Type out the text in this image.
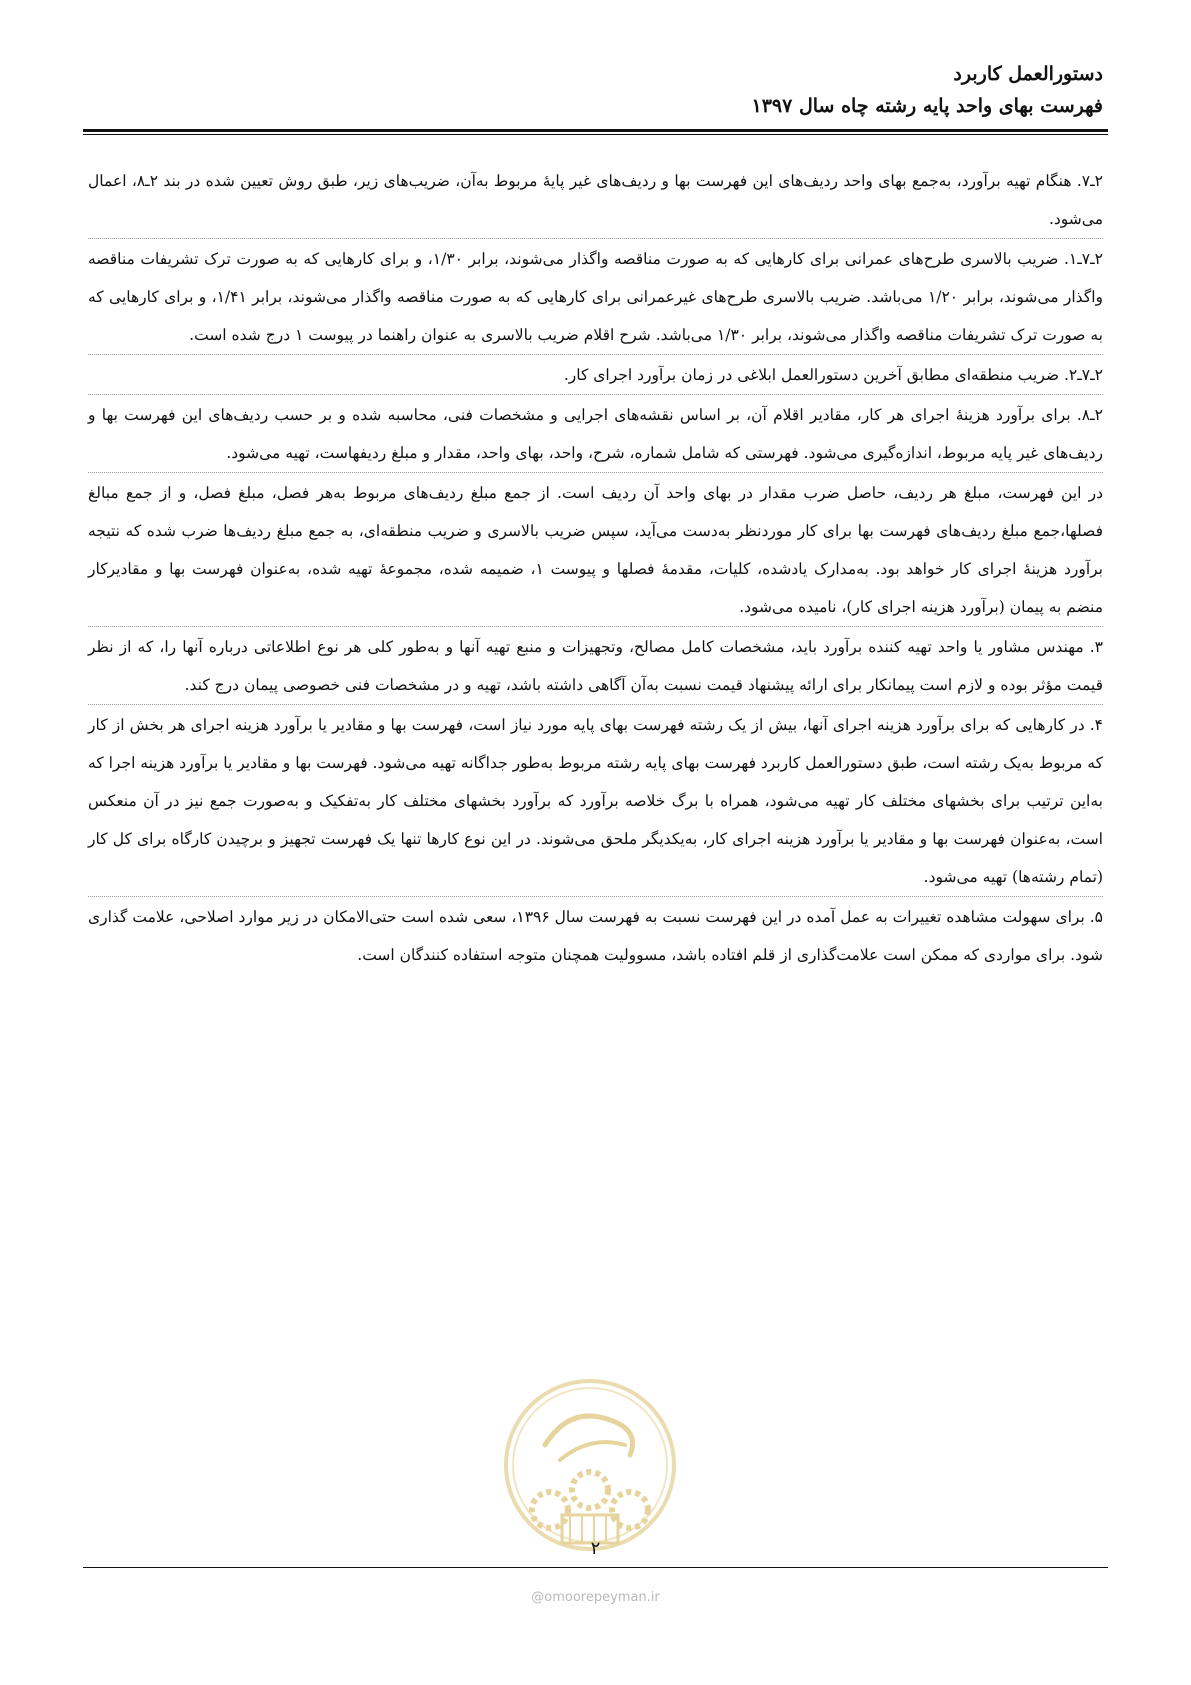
دستورالعمل کاربرد
فهرست بهای واحد پایه رشته چاه سال ۱۳۹۷

۲ـ۷. هنگام تهیه برآورد، به‌جمع بهای واحد ردیف‌های این فهرست بها و ردیف‌های غیر پایهٔ مربوط به‌آن، ضریب‌های زیر، طبق روش تعیین شده در بند ۲ـ۸، اعمال می‌شود.

۲ـ۷ـ۱. ضریب بالاسری طرح‌های عمرانی برای کارهایی که به صورت مناقصه واگذار می‌شوند، برابر ۱/۳۰، و برای کارهایی که به صورت ترک تشریفات مناقصه واگذار می‌شوند، برابر ۱/۲۰ می‌باشد. ضریب بالاسری طرح‌های غیرعمرانی برای کارهایی که به صورت مناقصه واگذار می‌شوند، برابر ۱/۴۱، و برای کارهایی که به صورت ترک تشریفات مناقصه واگذار می‌شوند، برابر ۱/۳۰ می‌باشد. شرح اقلام ضریب بالاسری به عنوان راهنما در پیوست ۱ درج شده است.

۲ـ۷ـ۲. ضریب منطقه‌ای مطابق آخرین دستورالعمل ابلاغی در زمان برآورد اجرای کار.

۲ـ۸. برای برآورد هزینهٔ اجرای هر کار، مقادیر اقلام آن، بر اساس نقشه‌های اجرایی و مشخصات فنی، محاسبه شده و بر حسب ردیف‌های این فهرست بها و ردیف‌های غیر پایه مربوط، اندازه‌گیری می‌شود. فهرستی که شامل شماره، شرح، واحد، بهای واحد، مقدار و مبلغ ردیفهاست، تهیه می‌شود.

در این فهرست، مبلغ هر ردیف، حاصل ضرب مقدار در بهای واحد آن ردیف است. از جمع مبلغ ردیف‌های مربوط به‌هر فصل، مبلغ فصل، و از جمع مبالغ فصلها،جمع مبلغ ردیف‌های فهرست بها برای کار موردنظر به‌دست می‌آید، سپس ضریب بالاسری و ضریب منطقه‌ای، به جمع مبلغ ردیف‌ها ضرب شده که نتیجه برآورد هزینهٔ اجرای کار خواهد بود. به‌مدارک یادشده، کلیات، مقدمهٔ فصلها و پیوست ۱، ضمیمه شده، مجموعهٔ تهیه شده، به‌عنوان فهرست بها و مقادیرکار منضم به پیمان (برآورد هزینه اجرای کار)، نامیده می‌شود.

۳. مهندس مشاور یا واحد تهیه کننده برآورد باید، مشخصات کامل مصالح، وتجهیزات و منبع تهیه آنها و به‌طور کلی هر نوع اطلاعاتی درباره آنها را، که از نظر قیمت مؤثر بوده و لازم است پیمانکار برای ارائه پیشنهاد قیمت نسبت به‌آن آگاهی داشته باشد، تهیه و در مشخصات فنی خصوصی پیمان درج کند.

۴. در کارهایی که برای برآورد هزینه اجرای آنها، بیش از یک رشته فهرست بهای پایه مورد نیاز است، فهرست بها و مقادیر یا برآورد هزینه اجرای هر بخش از کار که مربوط به‌یک رشته است، طبق دستورالعمل کاربرد فهرست بهای پایه رشته مربوط به‌طور جداگانه تهیه می‌شود. فهرست بها و مقادیر یا برآورد هزینه اجرا که به‌این ترتیب برای بخشهای مختلف کار تهیه می‌شود، همراه با برگ خلاصه برآورد که برآورد بخشهای مختلف کار به‌تفکیک و به‌صورت جمع نیز در آن منعکس است، به‌عنوان فهرست بها و مقادیر یا برآورد هزینه اجرای کار، به‌یکدیگر ملحق می‌شوند. در این نوع کارها تنها یک فهرست تجهیز و برچیدن کارگاه برای کل کار (تمام رشته‌ها) تهیه می‌شود.

۵. برای سهولت مشاهده تغییرات به عمل آمده در این فهرست نسبت به فهرست سال ۱۳۹۶، سعی شده است حتی‌الامکان در زیر موارد اصلاحی، علامت گذاری شود. برای مواردی که ممکن است علامت‌گذاری از قلم افتاده باشد، مسوولیت همچنان متوجه استفاده کنندگان است.

۲
@omoorepeyman.ir
